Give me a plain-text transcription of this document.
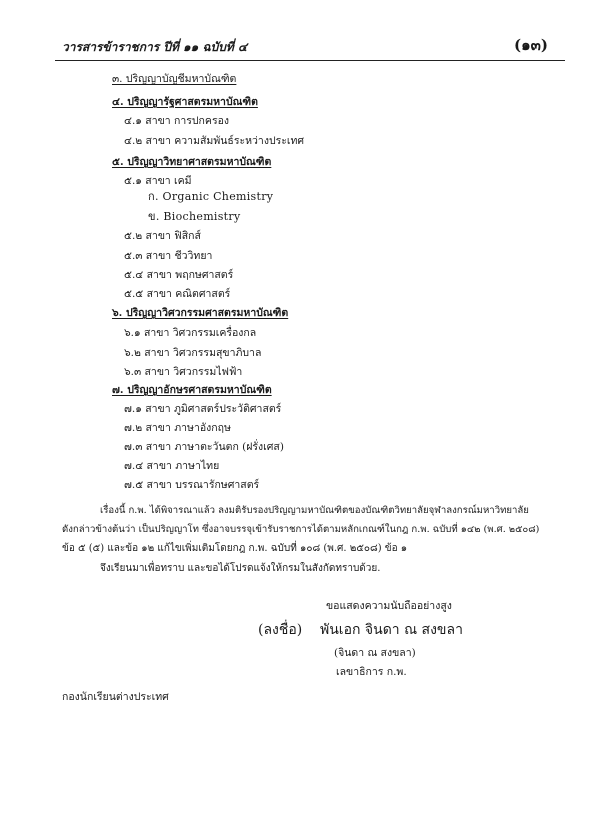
วารสารข้าราชการ ปีที่ ๑๑ ฉบับที่ ๔	(๑๓)
๓. ปริญญาบัญชีมหาบัณฑิต
๔. ปริญญารัฐศาสตรมหาบัณฑิต
๔.๑ สาขา การปกครอง
๔.๒ สาขา ความสัมพันธ์ระหว่างประเทศ
๕. ปริญญาวิทยาศาสตรมหาบัณฑิต
๕.๑ สาขา เคมี
ก. Organic Chemistry
ข. Biochemistry
๕.๒ สาขา ฟิสิกส์
๕.๓ สาขา ชีววิทยา
๕.๔ สาขา พฤกษศาสตร์
๕.๕ สาขา คณิตศาสตร์
๖. ปริญญาวิศวกรรมศาสตรมหาบัณฑิต
๖.๑ สาขา วิศวกรรมเครื่องกล
๖.๒ สาขา วิศวกรรมสุขาภิบาล
๖.๓ สาขา วิศวกรรมไฟฟ้า
๗. ปริญญาอักษรศาสตรมหาบัณฑิต
๗.๑ สาขา ภูมิศาสตร์ประวัติศาสตร์
๗.๒ สาขา ภาษาอังกฤษ
๗.๓ สาขา ภาษาตะวันตก (ฝรั่งเศส)
๗.๔ สาขา ภาษาไทย
๗.๕ สาขา บรรณารักษศาสตร์
เรื่องนี้ ก.พ. ได้พิจารณาแล้ว ลงมติรับรองปริญญามหาบัณฑิตของบัณฑิตวิทยาลัยจุฬาลงกรณ์มหาวิทยาลัย
ดังกล่าวข้างต้นว่า เป็นปริญญาโท ซึ่งอาจบรรจุเข้ารับราชการได้ตามหลักเกณฑ์ในกฎ ก.พ. ฉบับที่ ๑๔๒ (พ.ศ. ๒๕๐๘)
ข้อ ๕ (๕) และข้อ ๑๒ แก้ไขเพิ่มเติมโดยกฎ ก.พ. ฉบับที่ ๑๐๘ (พ.ศ. ๒๕๐๘) ข้อ ๑
จึงเรียนมาเพื่อทราบ และขอได้โปรดแจ้งให้กรมในสังกัดทราบด้วย.
ขอแสดงความนับถืออย่างสูง
(ลงชื่อ) พันเอก จินดา ณ สงขลา
(จินดา ณ สงขลา)
เลขาธิการ ก.พ.
กองนักเรียนต่างประเทศ
